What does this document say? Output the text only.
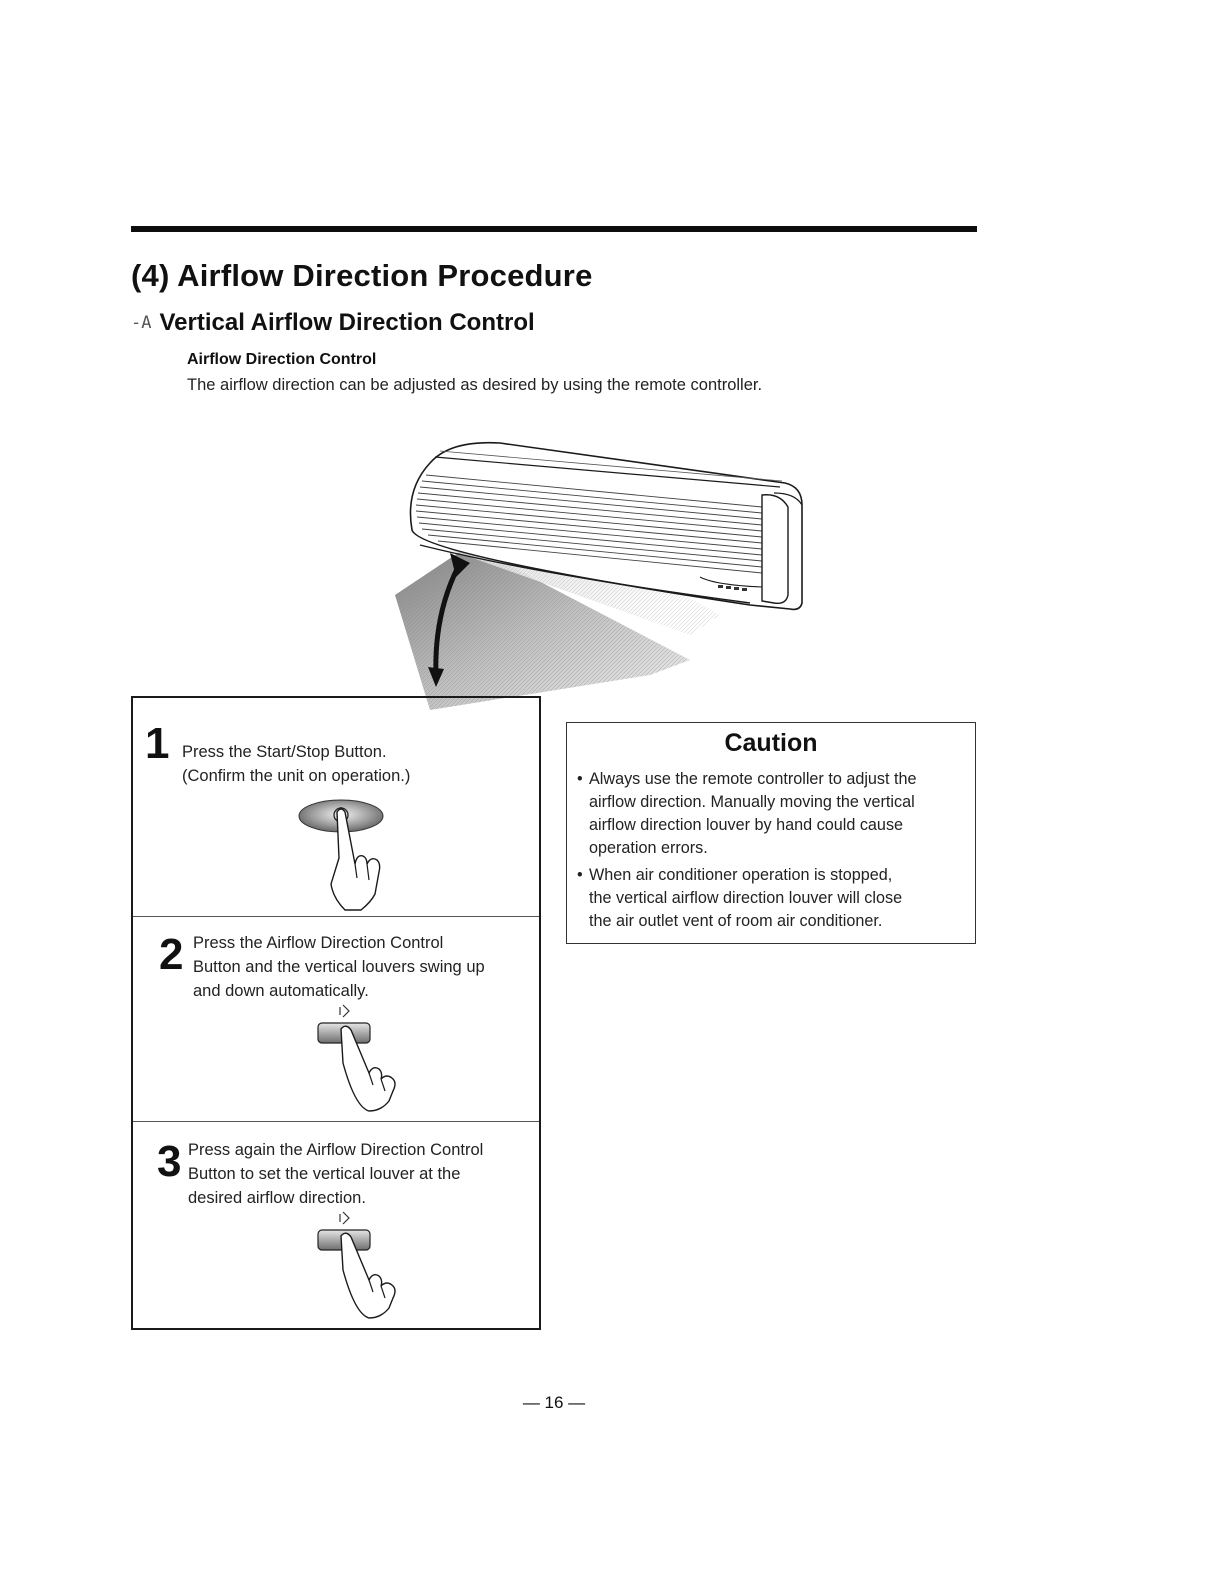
(4) Airflow Direction Procedure
-A Vertical Airflow Direction Control
Airflow Direction Control
The airflow direction can be adjusted as desired by using the remote controller.
1 Press the Start/Stop Button.
(Confirm the unit on operation.)
2 Press the Airflow Direction Control
Button and the vertical louvers swing up
and down automatically.
3 Press again the Airflow Direction Control
Button to set the vertical louver at the
desired airflow direction.
Caution
• Always use the remote controller to adjust the
airflow direction. Manually moving the vertical
airflow direction louver by hand could cause
operation errors.
• When air conditioner operation is stopped,
the vertical airflow direction louver will close
the air outlet vent of room air conditioner.
— 16 —
